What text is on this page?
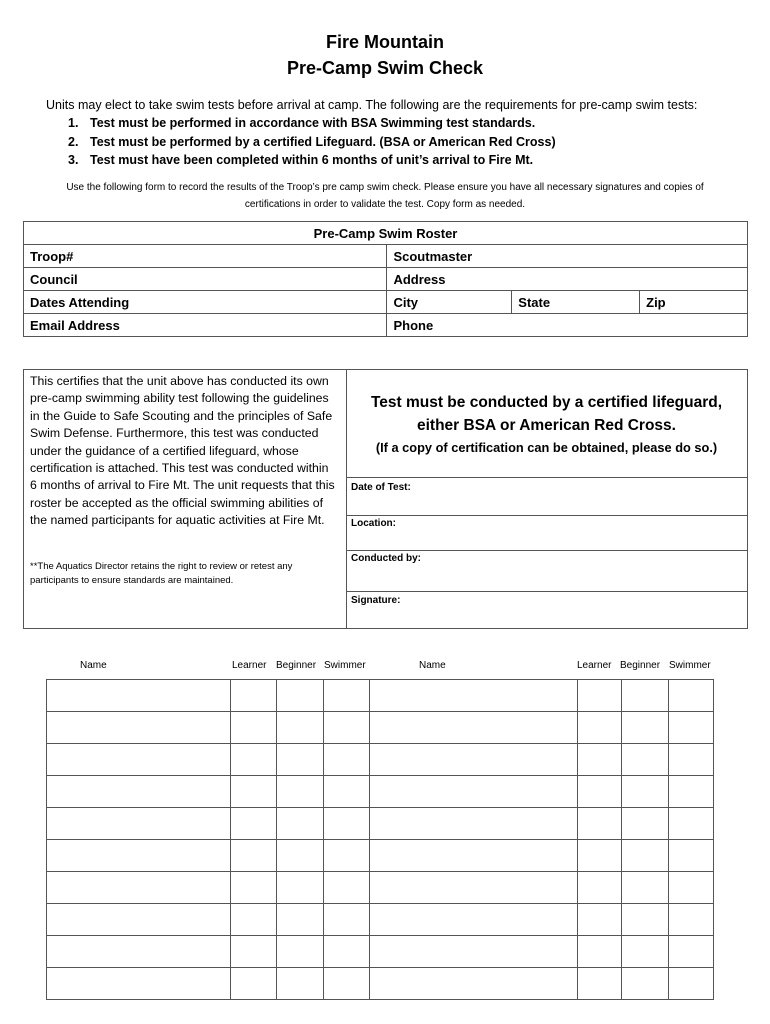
Fire Mountain
Pre-Camp Swim Check
Units may elect to take swim tests before arrival at camp. The following are the requirements for pre-camp swim tests:
1. Test must be performed in accordance with BSA Swimming test standards.
2. Test must be performed by a certified Lifeguard. (BSA or American Red Cross)
3. Test must have been completed within 6 months of unit’s arrival to Fire Mt.
Use the following form to record the results of the Troop’s pre camp swim check. Please ensure you have all necessary signatures and copies of
certifications in order to validate the test. Copy form as needed.
Pre-Camp Swim Roster			
Troop#	Scoutmaster		
Council	Address		
Dates Attending	City	State	Zip
Email Address	Phone		
This certifies that the unit above has conducted its own pre-camp swimming ability test following the guidelines in the Guide to Safe Scouting and the principles of Safe Swim Defense. Furthermore, this test was conducted under the guidance of a certified lifeguard, whose certification is attached. This test was conducted within 6 months of arrival to Fire Mt. The unit requests that this roster be accepted as the official swimming abilities of the named participants for aquatic activities at Fire Mt.
**The Aquatics Director retains the right to review or retest any participants to ensure standards are maintained.
Test must be conducted by a certified lifeguard,
either BSA or American Red Cross.
(If a copy of certification can be obtained, please do so.)
Date of Test:
Location:
Conducted by:
Signature:
Name	Learner Beginner Swimmer	Name	Learner Beginner Swimmer
